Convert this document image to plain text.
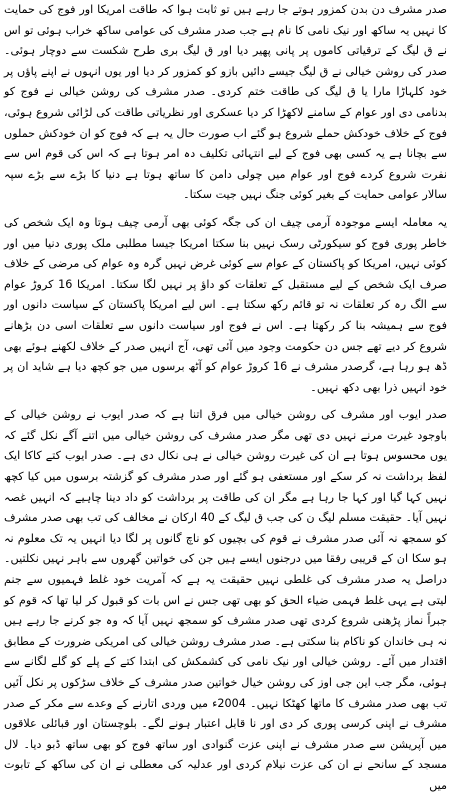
صدر مشرف دن بدن کمزور ہوتے جا رہے ہیں تو ثابت ہوا کہ طاقت امریکا اور فوج کی حمایت کا نہیں یہ ساکھ اور نیک نامی کا نام ہے جب صدر مشرف کی عوامی ساکھ خراب ہوئی تو اس نے ق لیگ کے ترقیاتی کاموں پر پانی پھیر دیا اور ق لیگ بری طرح شکست سے دوچار ہوئی۔ صدر کی روشن خیالی نے ق لیگ جیسے دائیں بازو کو کمزور کر دیا اور یوں انہوں نے اپنے پاؤں پر خود کلہاڑا مارا یا ق لیگ کی طاقت ختم کردی۔ صدر مشرف کی روشن خیالی نے فوج کو بدنامی دی اور عوام کے سامنے لاکھڑا کر دیا عسکری اور نظریاتی طاقت کی لڑائی شروع ہوئی، فوج کے خلاف خودکش حملے شروع ہو گئے اب صورت حال یہ ہے کہ فوج کو ان خودکش حملوں سے بچانا ہے یہ کسی بھی فوج کے لیے انتہائی تکلیف دہ امر ہوتا ہے کہ اس کی قوم اس سے نفرت شروع کردے فوج اور عوام میں چولی دامن کا ساتھ ہوتا ہے دنیا کا بڑے سے بڑے سپہ سالار عوامی حمایت کے بغیر کوئی جنگ نہیں جیت سکتا۔

یہ معاملہ ایسے موجودہ آرمی چیف ان کی جگہ کوئی بھی آرمی چیف ہوتا وہ ایک شخص کی خاطر پوری فوج کو سیکورٹی رسک نہیں بنا سکتا امریکا جیسا مطلبی ملک پوری دنیا میں اور کوئی نہیں، امریکا کو پاکستان کے عوام سے کوئی غرض نہیں گرہ وہ عوام کی مرضی کے خلاف صرف ایک شخص کے لیے مستقبل کے تعلقات کو داؤ پر نہیں لگا سکتا۔ امریکا 16 کروڑ عوام سے الگ رہ کر تعلقات نہ تو قائم رکھ سکتا ہے۔ اس لیے امریکا پاکستان کے سیاست دانوں اور فوج سے ہمیشہ بنا کر رکھتا ہے۔ اس نے فوج اور سیاست دانوں سے تعلقات اسی دن بڑھانے شروع کر دیے تھے جس دن حکومت وجود میں آئی تھی، آج انہیں صدر کے خلاف لکھنے ہوئے بھی ڈھ ہو رہا ہے، گرصدر مشرف نے 16 کروڑ عوام کو آٹھ برسوں میں جو کچھ دیا ہے شاید ان پر خود انہیں ذرا بھی دکھ نہیں۔

صدر ایوب اور مشرف کی روشن خیالی میں فرق اتنا ہے کہ صدر ایوب نے روشن خیالی کے باوجود غیرت مرنے نہیں دی تھی مگر صدر مشرف کی روشن خیالی میں اتنے آگے نکل گئے کہ یوں محسوس ہوتا ہے ان کی غیرت روشن خیالی نے ہی نکال دی ہے۔ صدر ایوب کتے کاکا ایک لفظ برداشت نہ کر سکے اور مستعفی ہو گئے اور صدر مشرف کو گزشتہ برسوں میں کیا کچھ نہیں کہا گیا اور کہا جا رہا ہے مگر ان کی طاقت پر برداشت کو داد دینا چاہیے کہ انہیں غصہ نہیں آیا۔ حقیقت مسلم لیگ ن کی جب ق لیگ کے 40 ارکان نے مخالف کی تب بھی صدر مشرف کو سمجھ نہ آئی صدر مشرف نے قوم کی بچیوں کو ناچ گانوں پر لگا دیا انہیں یہ تک معلوم نہ ہو سکا ان کے قریبی رفقا میں درجنوں ایسے ہیں جن کی خواتین گھروں سے باہر نہیں نکلتیں۔ دراصل یہ صدر مشرف کی غلطی نہیں حقیقت یہ ہے کہ آمریت خود غلط فہمیوں سے جنم لیتی ہے یہی غلط فہمی ضیاء الحق کو بھی تھی جس نے اس بات کو قبول کر لیا تھا کہ قوم کو جبراً نماز پڑھنی شروع کردی تھی صدر مشرف کو سمجھ نہیں آیا کہ وہ جو کرنے جا رہے ہیں نہ ہی خاندان کو ناکام بنا سکتی ہے۔ صدر مشرف روشن خیالی کی امریکی ضرورت کے مطابق اقتدار میں آئے۔ روشن خیالی اور نیک نامی کی کشمکش کی ابتدا کتے کے پلے کو گلے لگانے سے ہوئی، مگر جب این جی اوز کی روشن خیال خواتین صدر مشرف کے خلاف سڑکوں پر نکل آئیں تب بھی صدر مشرف کا ماتھا کھٹکا نہیں۔ 2004ء میں وردی اتارنے کے وعدے سے مکر کے صدر مشرف نے اپنی کرسی پوری کر دی اور نا قابل اعتبار ہونے لگے۔ بلوچستان اور قبائلی علاقوں میں آپریشن سے صدر مشرف نے اپنی عزت گنوادی اور ساتھ فوج کو بھی ساتھ ڈبو دیا۔ لال مسجد کے سانحے نے ان کی عزت نیلام کردی اور عدلیہ کی معطلی نے ان کی ساکھ کے تابوت میں
